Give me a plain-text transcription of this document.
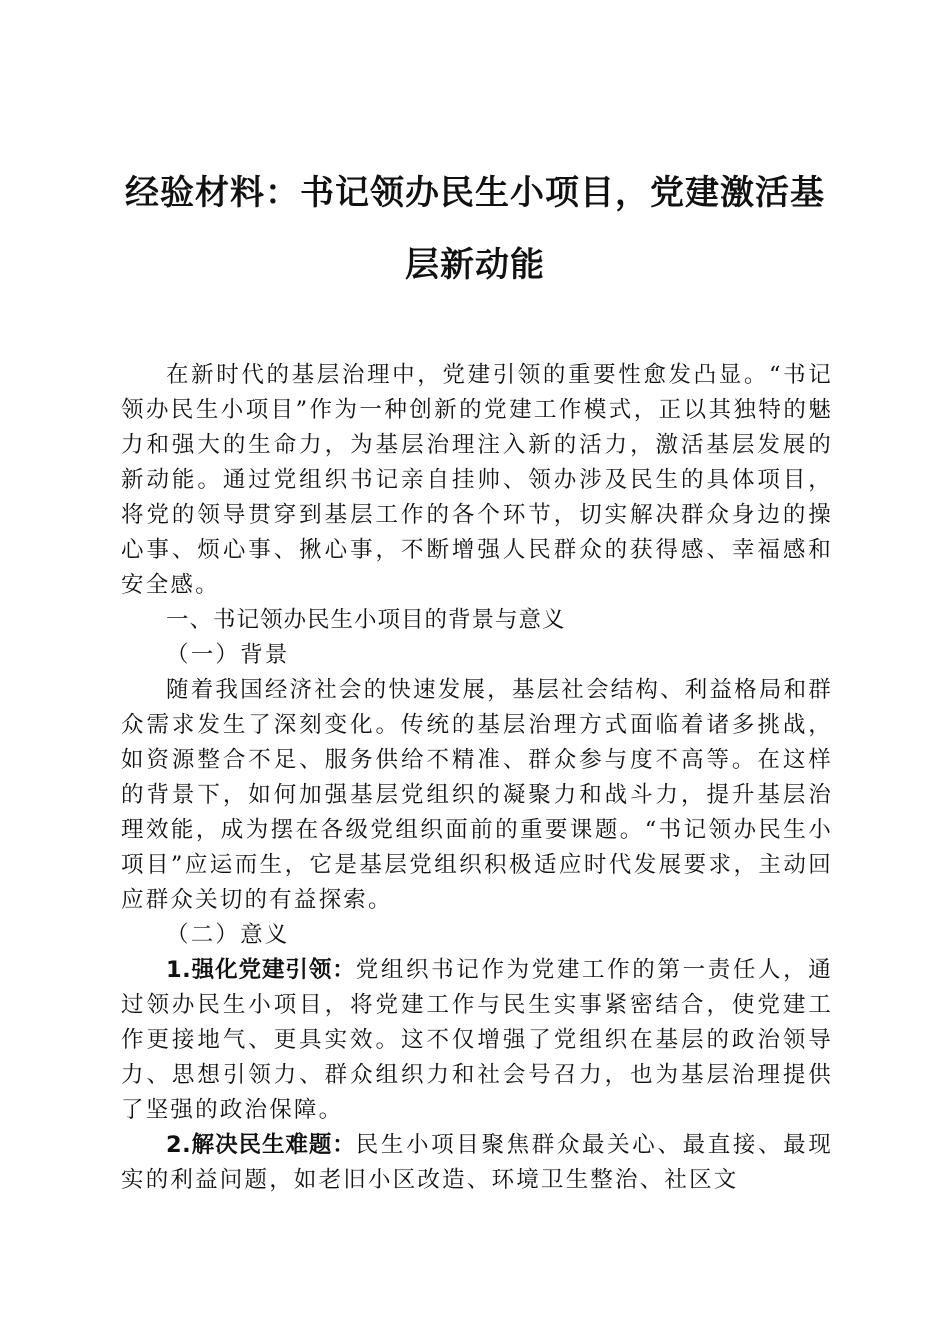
经验材料：书记领办民生小项目，党建激活基
层新动能

在新时代的基层治理中，党建引领的重要性愈发凸显。“书记领办民生小项目”作为一种创新的党建工作模式，正以其独特的魅力和强大的生命力，为基层治理注入新的活力，激活基层发展的新动能。通过党组织书记亲自挂帅、领办涉及民生的具体项目，将党的领导贯穿到基层工作的各个环节，切实解决群众身边的操心事、烦心事、揪心事，不断增强人民群众的获得感、幸福感和安全感。

一、书记领办民生小项目的背景与意义

（一）背景

随着我国经济社会的快速发展，基层社会结构、利益格局和群众需求发生了深刻变化。传统的基层治理方式面临着诸多挑战，如资源整合不足、服务供给不精准、群众参与度不高等。在这样的背景下，如何加强基层党组织的凝聚力和战斗力，提升基层治理效能，成为摆在各级党组织面前的重要课题。“书记领办民生小项目”应运而生，它是基层党组织积极适应时代发展要求，主动回应群众关切的有益探索。

（二）意义

1.强化党建引领：党组织书记作为党建工作的第一责任人，通过领办民生小项目，将党建工作与民生实事紧密结合，使党建工作更接地气、更具实效。这不仅增强了党组织在基层的政治领导力、思想引领力、群众组织力和社会号召力，也为基层治理提供了坚强的政治保障。

2.解决民生难题：民生小项目聚焦群众最关心、最直接、最现实的利益问题，如老旧小区改造、环境卫生整治、社区文
